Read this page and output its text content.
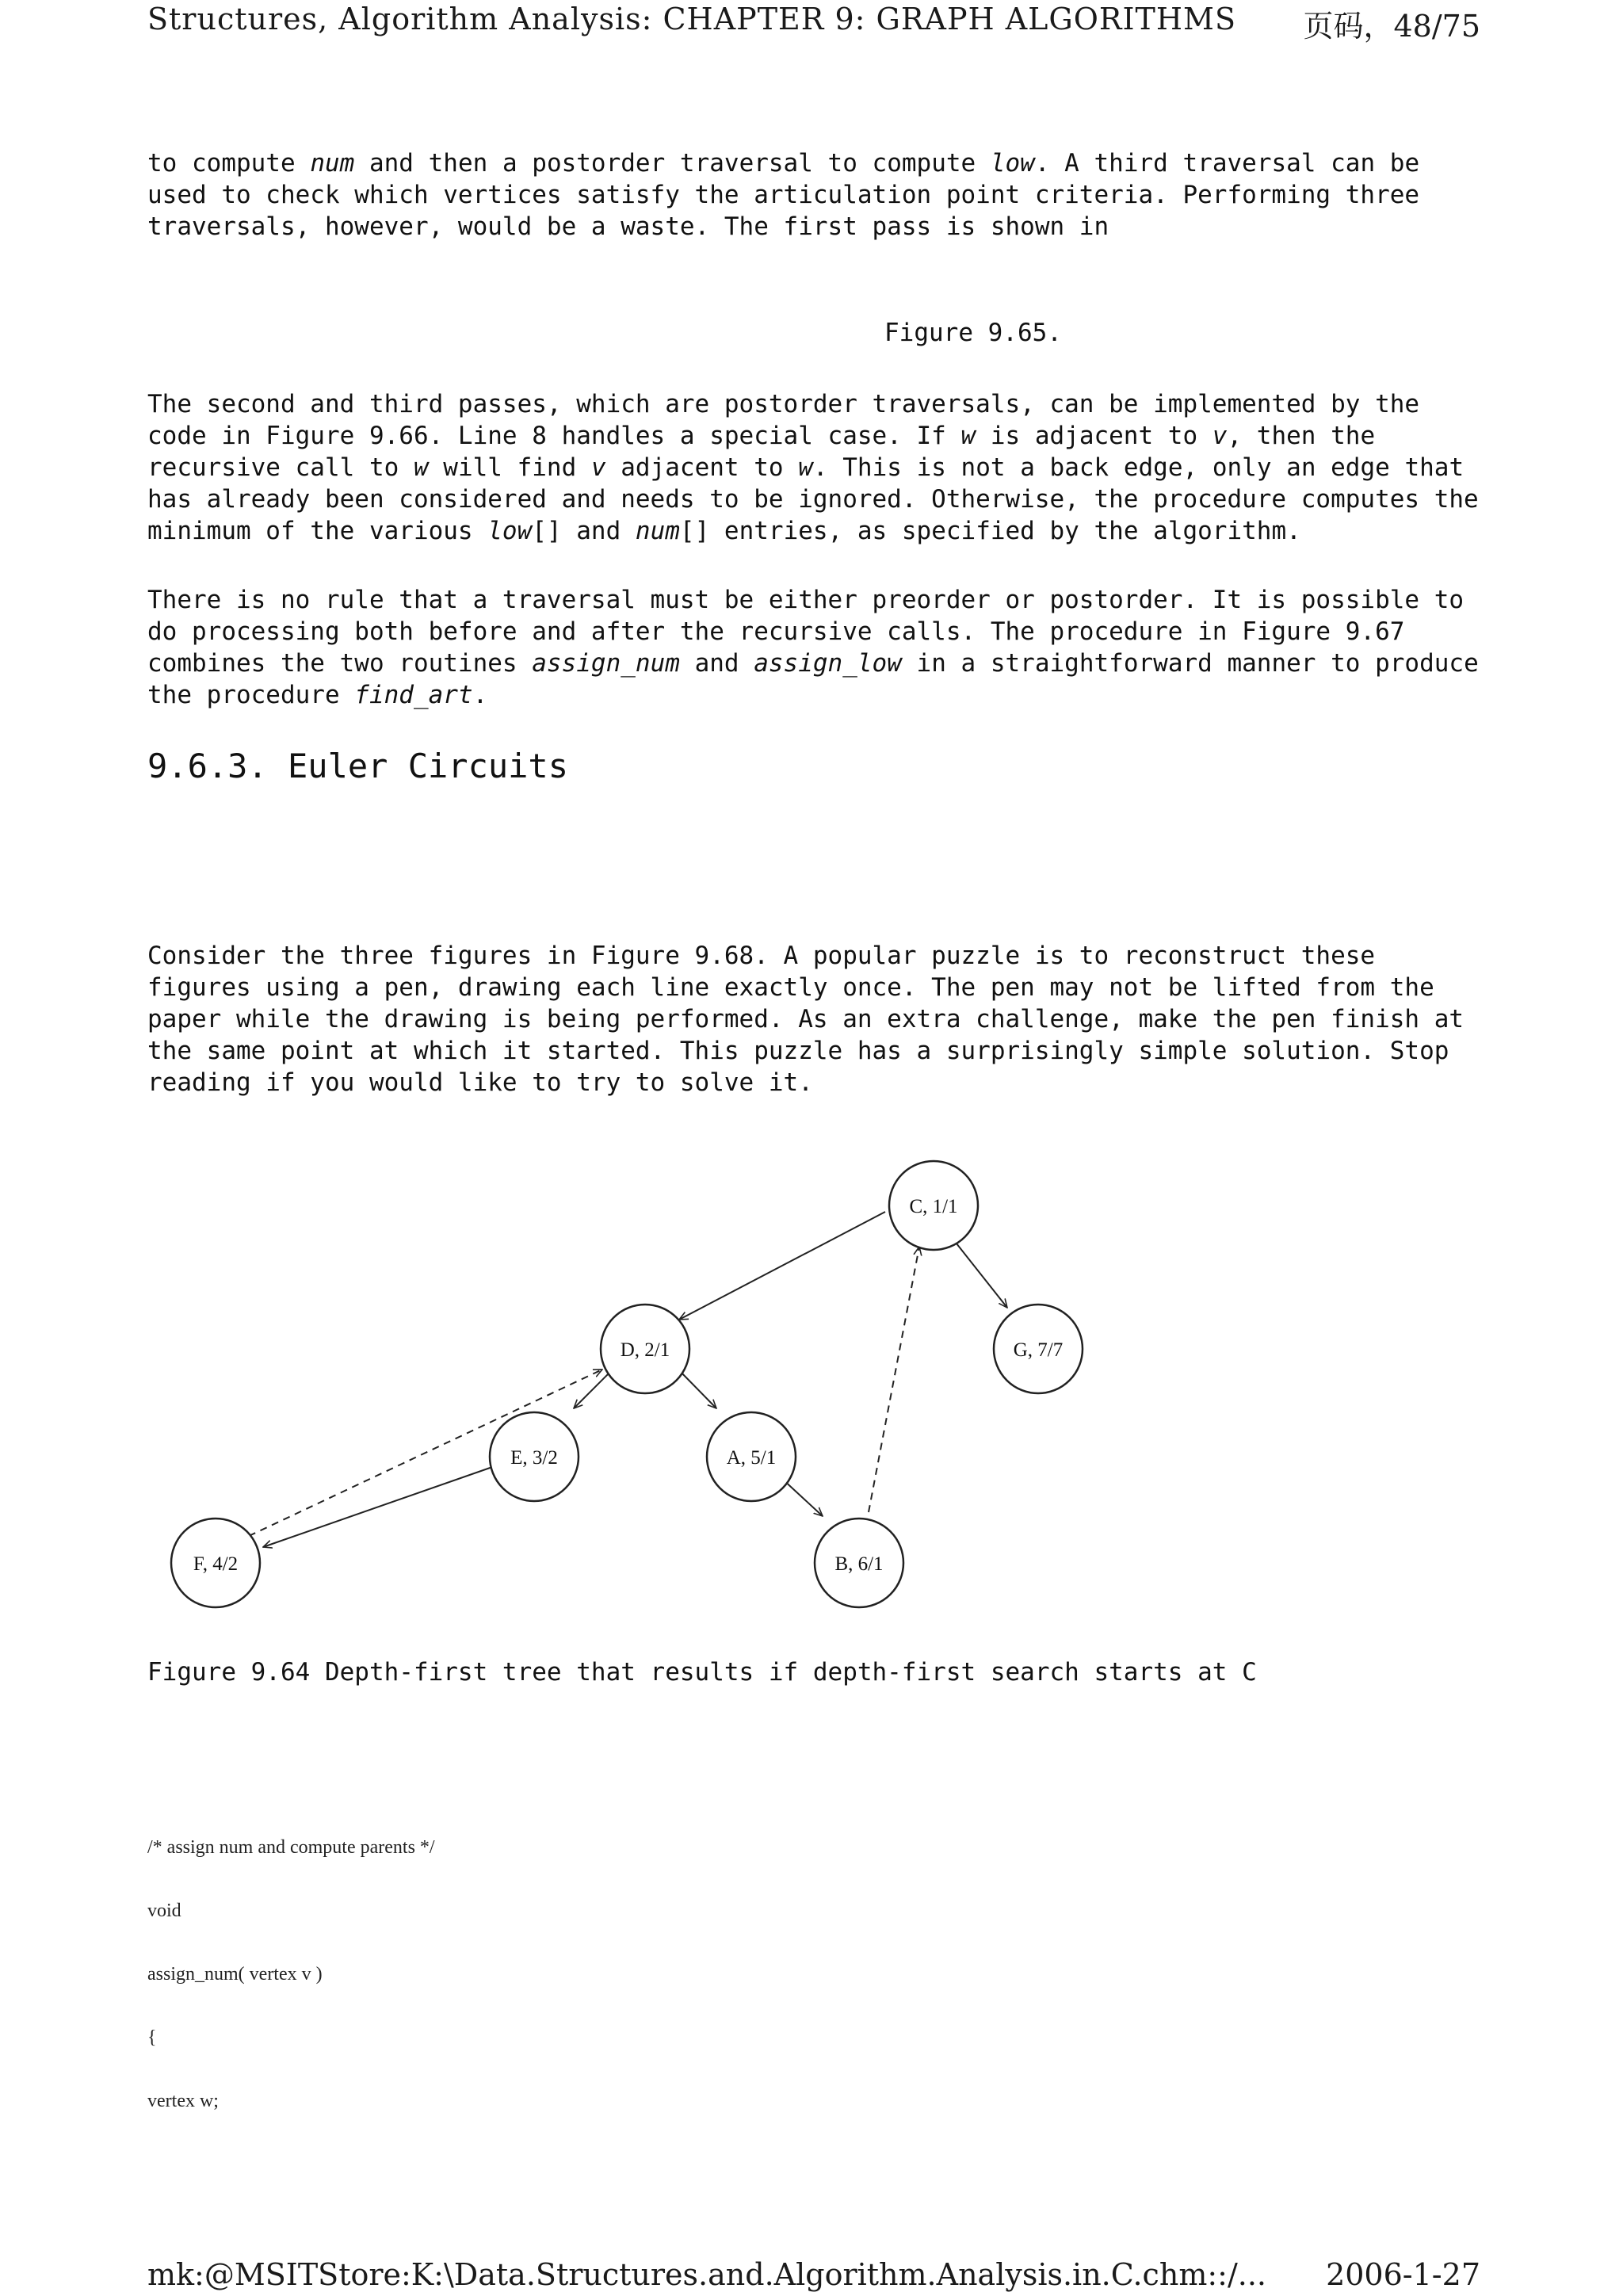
Structures, Algorithm Analysis: CHAPTER 9: GRAPH ALGORITHMS 页码，48/75

to compute num and then a postorder traversal to compute low. A third traversal can be used to check which vertices satisfy the articulation point criteria. Performing three traversals, however, would be a waste. The first pass is shown in

Figure 9.65.

The second and third passes, which are postorder traversals, can be implemented by the code in Figure 9.66. Line 8 handles a special case. If w is adjacent to v, then the recursive call to w will find v adjacent to w. This is not a back edge, only an edge that has already been considered and needs to be ignored. Otherwise, the procedure computes the minimum of the various low[] and num[] entries, as specified by the algorithm.

There is no rule that a traversal must be either preorder or postorder. It is possible to do processing both before and after the recursive calls. The procedure in Figure 9.67 combines the two routines assign_num and assign_low in a straightforward manner to produce the procedure find_art.

9.6.3. Euler Circuits

Consider the three figures in Figure 9.68. A popular puzzle is to reconstruct these figures using a pen, drawing each line exactly once. The pen may not be lifted from the paper while the drawing is being performed. As an extra challenge, make the pen finish at the same point at which it started. This puzzle has a surprisingly simple solution. Stop reading if you would like to try to solve it.

C, 1/1
D, 2/1	G, 7/7
E, 3/2	A, 5/1
F, 4/2	B, 6/1

Figure 9.64 Depth-first tree that results if depth-first search starts at C

/* assign num and compute parents */

void

assign_num( vertex v )

{

vertex w;

mk:@MSITStore:K:\Data.Structures.and.Algorithm.Analysis.in.C.chm::/... 2006-1-27
